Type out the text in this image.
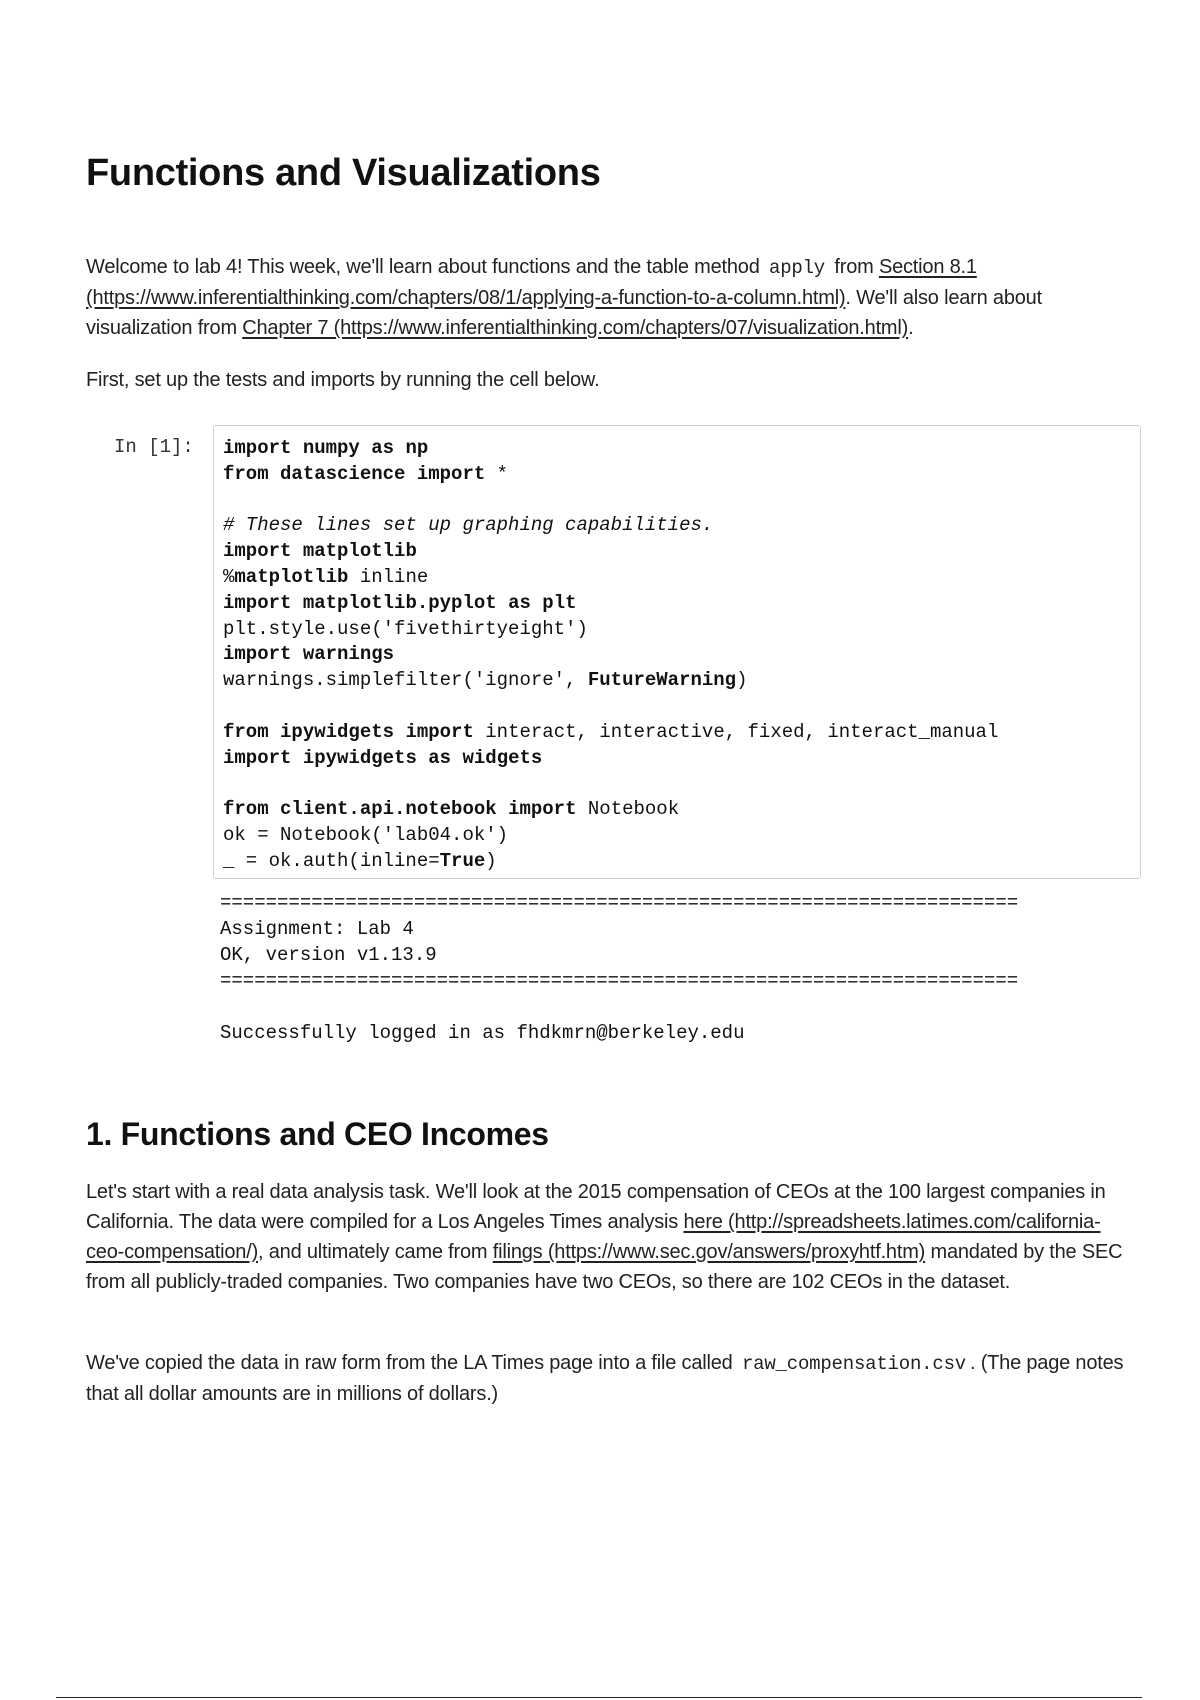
Functions and Visualizations

Welcome to lab 4! This week, we'll learn about functions and the table method apply from Section 8.1 (https://www.inferentialthinking.com/chapters/08/1/applying-a-function-to-a-column.html). We'll also learn about visualization from Chapter 7 (https://www.inferentialthinking.com/chapters/07/visualization.html).

First, set up the tests and imports by running the cell below.

In [1]: import numpy as np
from datascience import *
# These lines set up graphing capabilities.
import matplotlib
%matplotlib inline
import matplotlib.pyplot as plt
plt.style.use('fivethirtyeight')
import warnings
warnings.simplefilter('ignore', FutureWarning)
from ipywidgets import interact, interactive, fixed, interact_manual
import ipywidgets as widgets
from client.api.notebook import Notebook
ok = Notebook('lab04.ok')
_ = ok.auth(inline=True)
======================================================================
Assignment: Lab 4
OK, version v1.13.9
======================================================================
Successfully logged in as fhdkmrn@berkeley.edu
1. Functions and CEO Incomes

Let's start with a real data analysis task. We'll look at the 2015 compensation of CEOs at the 100 largest companies in California. The data were compiled for a Los Angeles Times analysis here (http://spreadsheets.latimes.com/california-ceo-compensation/), and ultimately came from filings (https://www.sec.gov/answers/proxyhtf.htm) mandated by the SEC from all publicly-traded companies. Two companies have two CEOs, so there are 102 CEOs in the dataset.

We've copied the data in raw form from the LA Times page into a file called raw_compensation.csv . (The page notes that all dollar amounts are in millions of dollars.)
